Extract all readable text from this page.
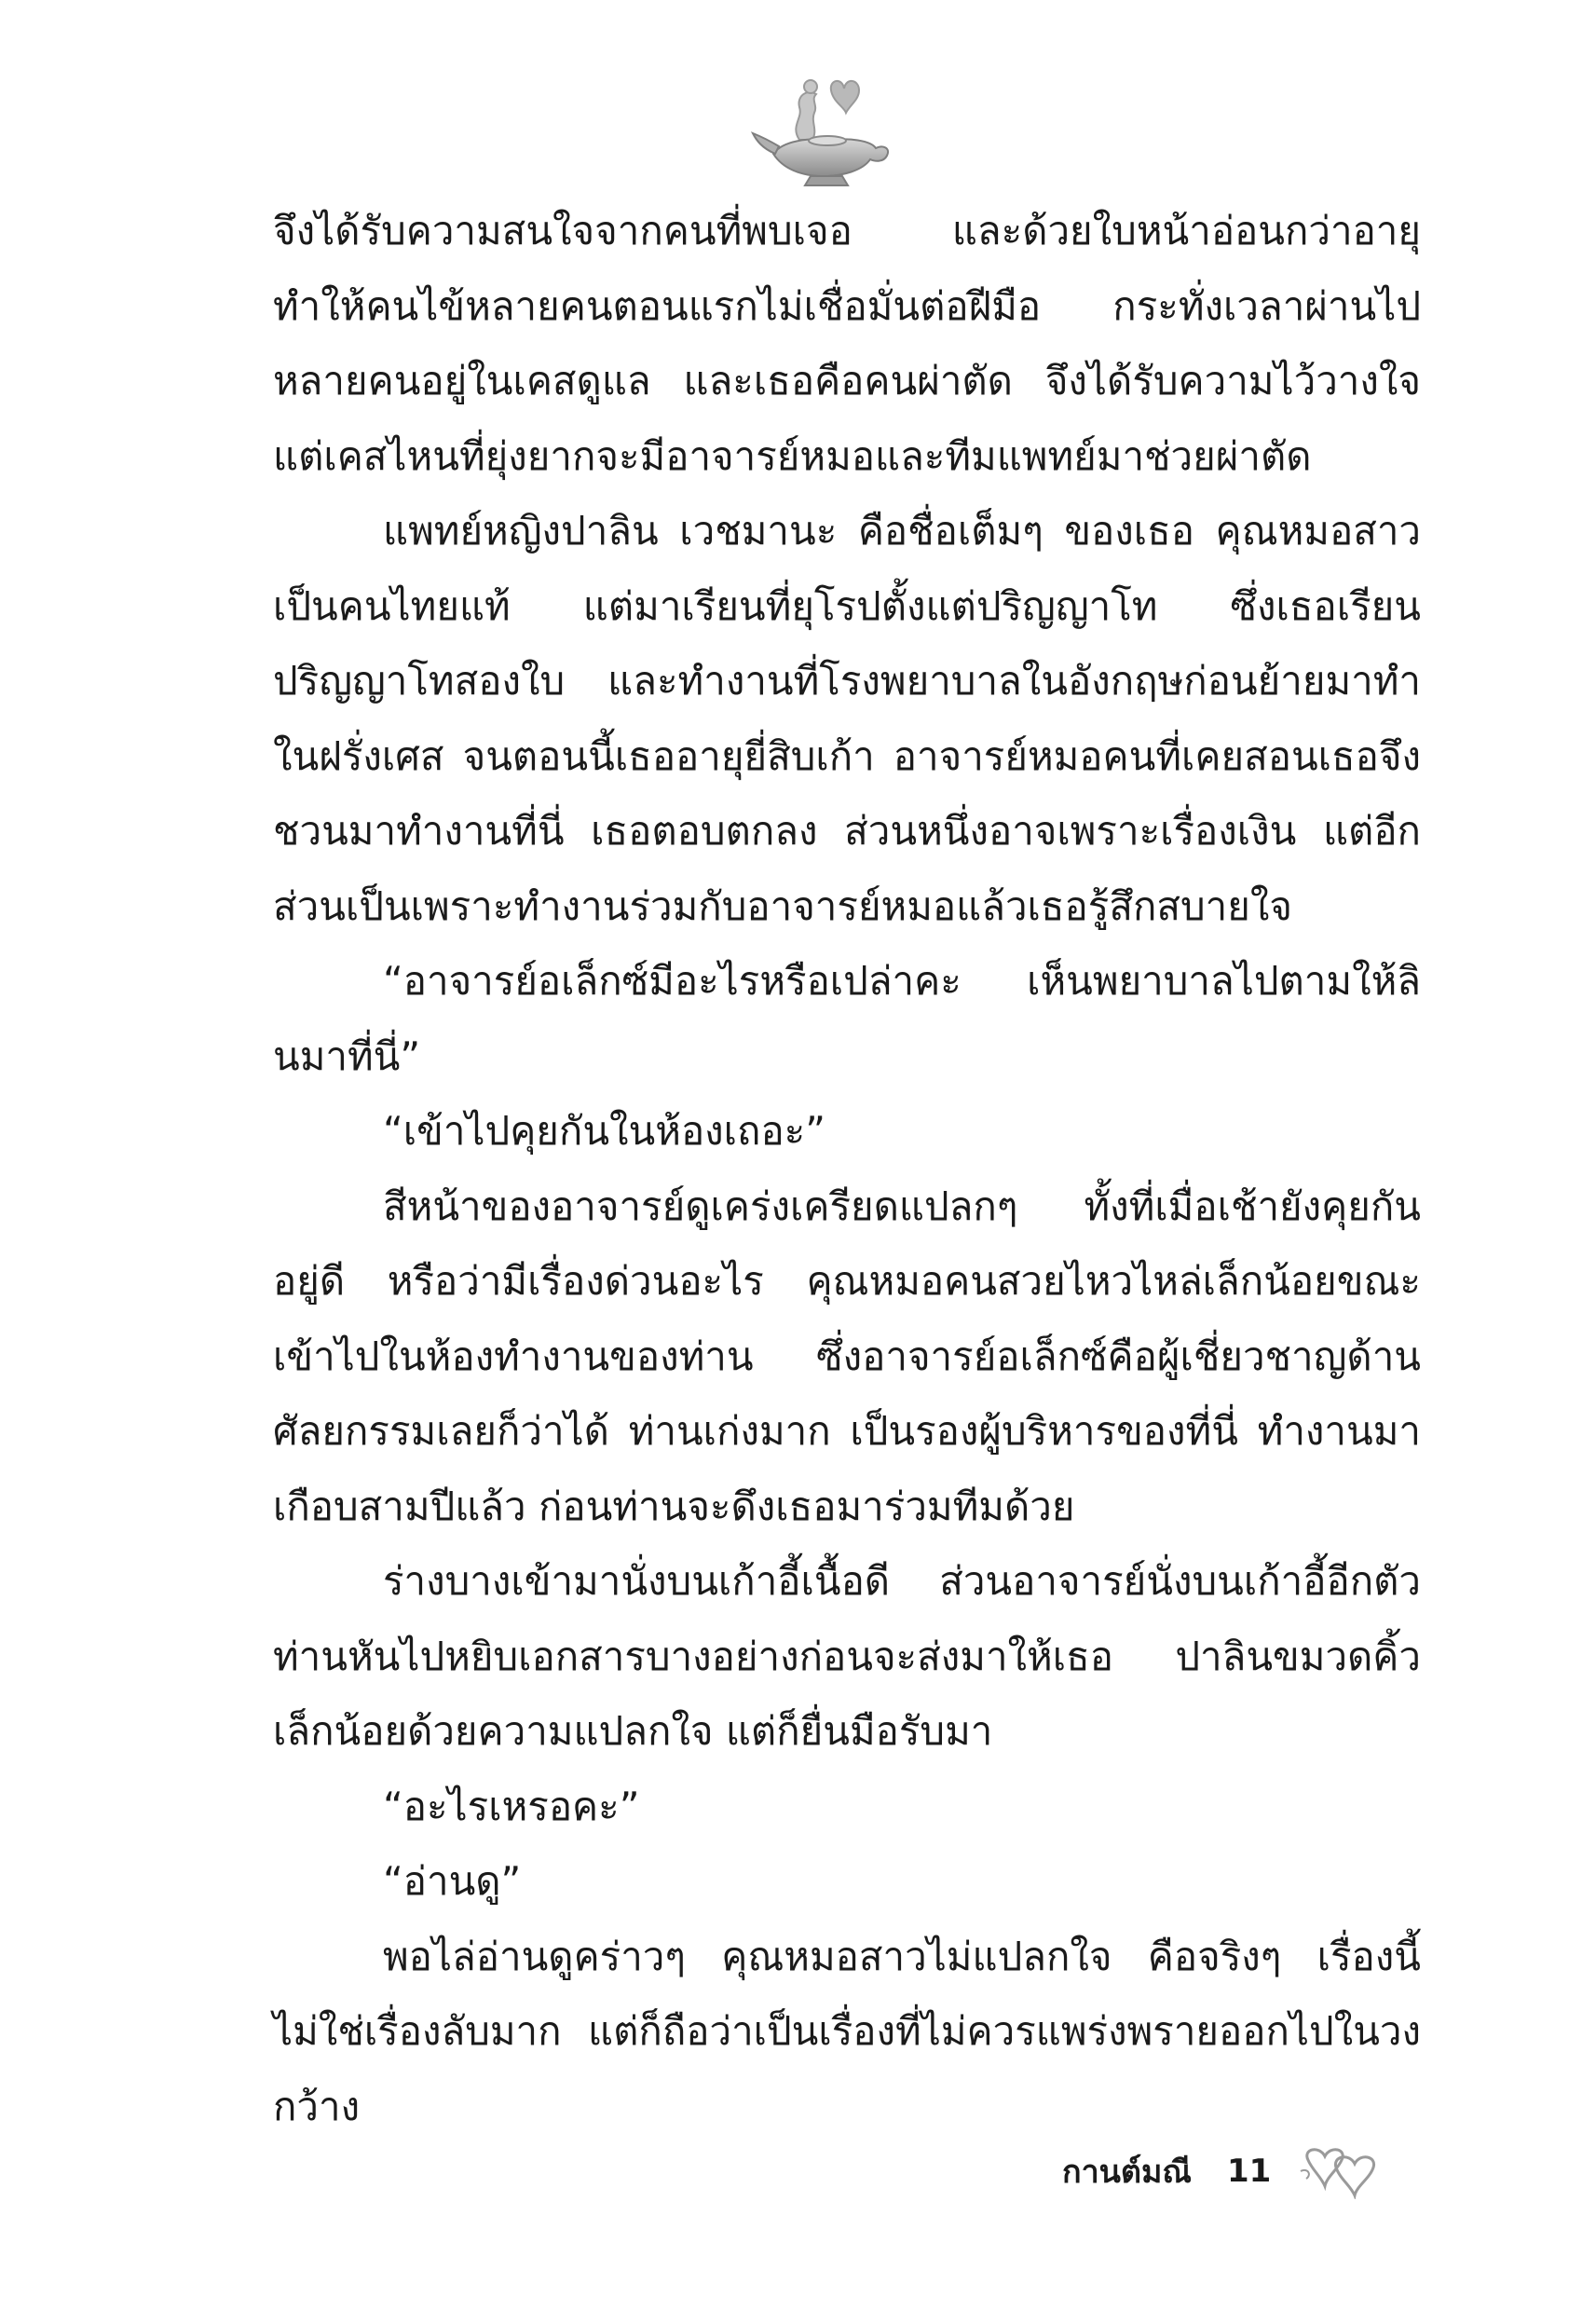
จึงได้รับความสนใจจากคนที่พบเจอ และด้วยใบหน้าอ่อนกว่าอายุ ทำให้คนไข้หลายคนตอนแรกไม่เชื่อมั่นต่อฝีมือ กระทั่งเวลาผ่านไป หลายคนอยู่ในเคสดูแล และเธอคือคนผ่าตัด จึงได้รับความไว้วางใจ แต่เคสไหนที่ยุ่งยากจะมีอาจารย์หมอและทีมแพทย์มาช่วยผ่าตัด

แพทย์หญิงปาลิน เวชมานะ คือชื่อเต็มๆ ของเธอ คุณหมอสาวเป็นคนไทยแท้ แต่มาเรียนที่ยุโรปตั้งแต่ปริญญาโท ซึ่งเธอเรียนปริญญาโทสองใบ และทำงานที่โรงพยาบาลในอังกฤษก่อนย้ายมาทำในฝรั่งเศส จนตอนนี้เธออายุยี่สิบเก้า อาจารย์หมอคนที่เคยสอนเธอจึงชวนมาทำงานที่นี่ เธอตอบตกลง ส่วนหนึ่งอาจเพราะเรื่องเงิน แต่อีกส่วนเป็นเพราะทำงานร่วมกับอาจารย์หมอแล้วเธอรู้สึกสบายใจ

“อาจารย์อเล็กซ์มีอะไรหรือเปล่าคะ เห็นพยาบาลไปตามให้ลินมาที่นี่”

“เข้าไปคุยกันในห้องเถอะ”

สีหน้าของอาจารย์ดูเคร่งเครียดแปลกๆ ทั้งที่เมื่อเช้ายังคุยกันอยู่ดี หรือว่ามีเรื่องด่วนอะไร คุณหมอคนสวยไหวไหล่เล็กน้อยขณะเข้าไปในห้องทำงานของท่าน ซึ่งอาจารย์อเล็กซ์คือผู้เชี่ยวชาญด้านศัลยกรรมเลยก็ว่าได้ ท่านเก่งมาก เป็นรองผู้บริหารของที่นี่ ทำงานมาเกือบสามปีแล้ว ก่อนท่านจะดึงเธอมาร่วมทีมด้วย

ร่างบางเข้ามานั่งบนเก้าอี้เนื้อดี ส่วนอาจารย์นั่งบนเก้าอี้อีกตัว ท่านหันไปหยิบเอกสารบางอย่างก่อนจะส่งมาให้เธอ ปาลินขมวดคิ้วเล็กน้อยด้วยความแปลกใจ แต่ก็ยื่นมือรับมา

“อะไรเหรอคะ”

“อ่านดู”

พอไล่อ่านดูคร่าวๆ คุณหมอสาวไม่แปลกใจ คือจริงๆ เรื่องนี้ไม่ใช่เรื่องลับมาก แต่ก็ถือว่าเป็นเรื่องที่ไม่ควรแพร่งพรายออกไปในวงกว้าง

กานต์มณี 11
